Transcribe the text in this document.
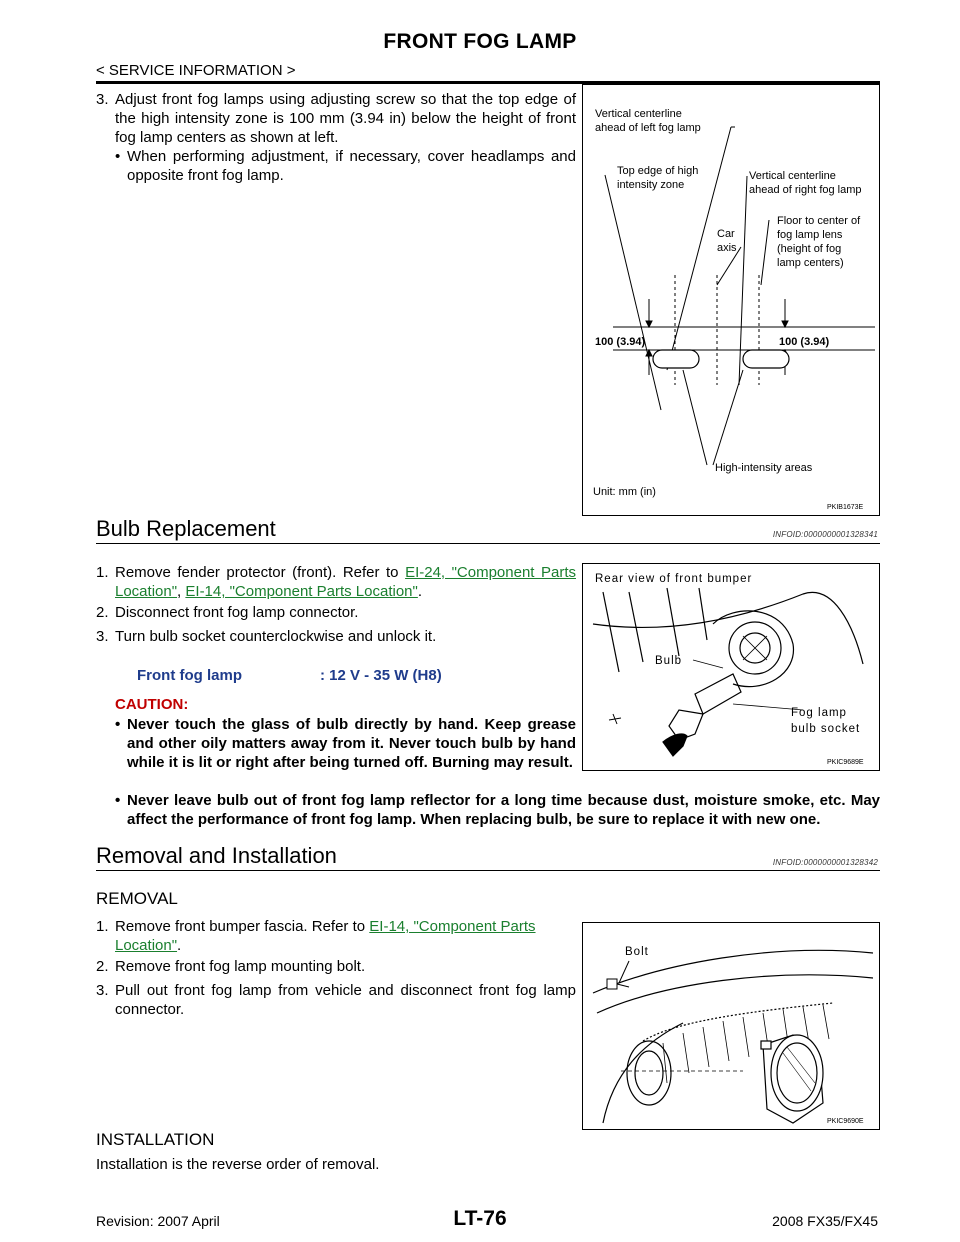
FRONT FOG LAMP
< SERVICE INFORMATION >
3. Adjust front fog lamps using adjusting screw so that the top edge of the high intensity zone is 100 mm (3.94 in) below the height of front fog lamp centers as shown at left.
• When performing adjustment, if necessary, cover headlamps and opposite front fog lamp.
Vertical centerline
ahead of left fog lamp
Top edge of high
intensity zone
Vertical centerline
ahead of right fog lamp
Car
axis
Floor to center of
fog lamp lens
(height of fog
lamp centers)
100 (3.94)	100 (3.94)
High-intensity areas
Unit: mm (in)
PKIB1673E
Bulb Replacement	INFOID:0000000001328341
1. Remove fender protector (front). Refer to EI-24, "Component Parts Location", EI-14, "Component Parts Location".
2. Disconnect front fog lamp connector.
3. Turn bulb socket counterclockwise and unlock it.
Front fog lamp	: 12 V - 35 W (H8)
CAUTION:
• Never touch the glass of bulb directly by hand. Keep grease and other oily matters away from it. Never touch bulb by hand while it is lit or right after being turned off. Burning may result.
• Never leave bulb out of front fog lamp reflector for a long time because dust, moisture smoke, etc. May affect the performance of front fog lamp. When replacing bulb, be sure to replace it with new one.
Rear view of front bumper
Bulb
Fog lamp
bulb socket
PKIC9689E
Removal and Installation	INFOID:0000000001328342
REMOVAL
1. Remove front bumper fascia. Refer to EI-14, "Component Parts Location".
2. Remove front fog lamp mounting bolt.
3. Pull out front fog lamp from vehicle and disconnect front fog lamp connector.
Bolt
PKIC9690E
INSTALLATION
Installation is the reverse order of removal.
Revision: 2007 April	LT-76	2008 FX35/FX45
